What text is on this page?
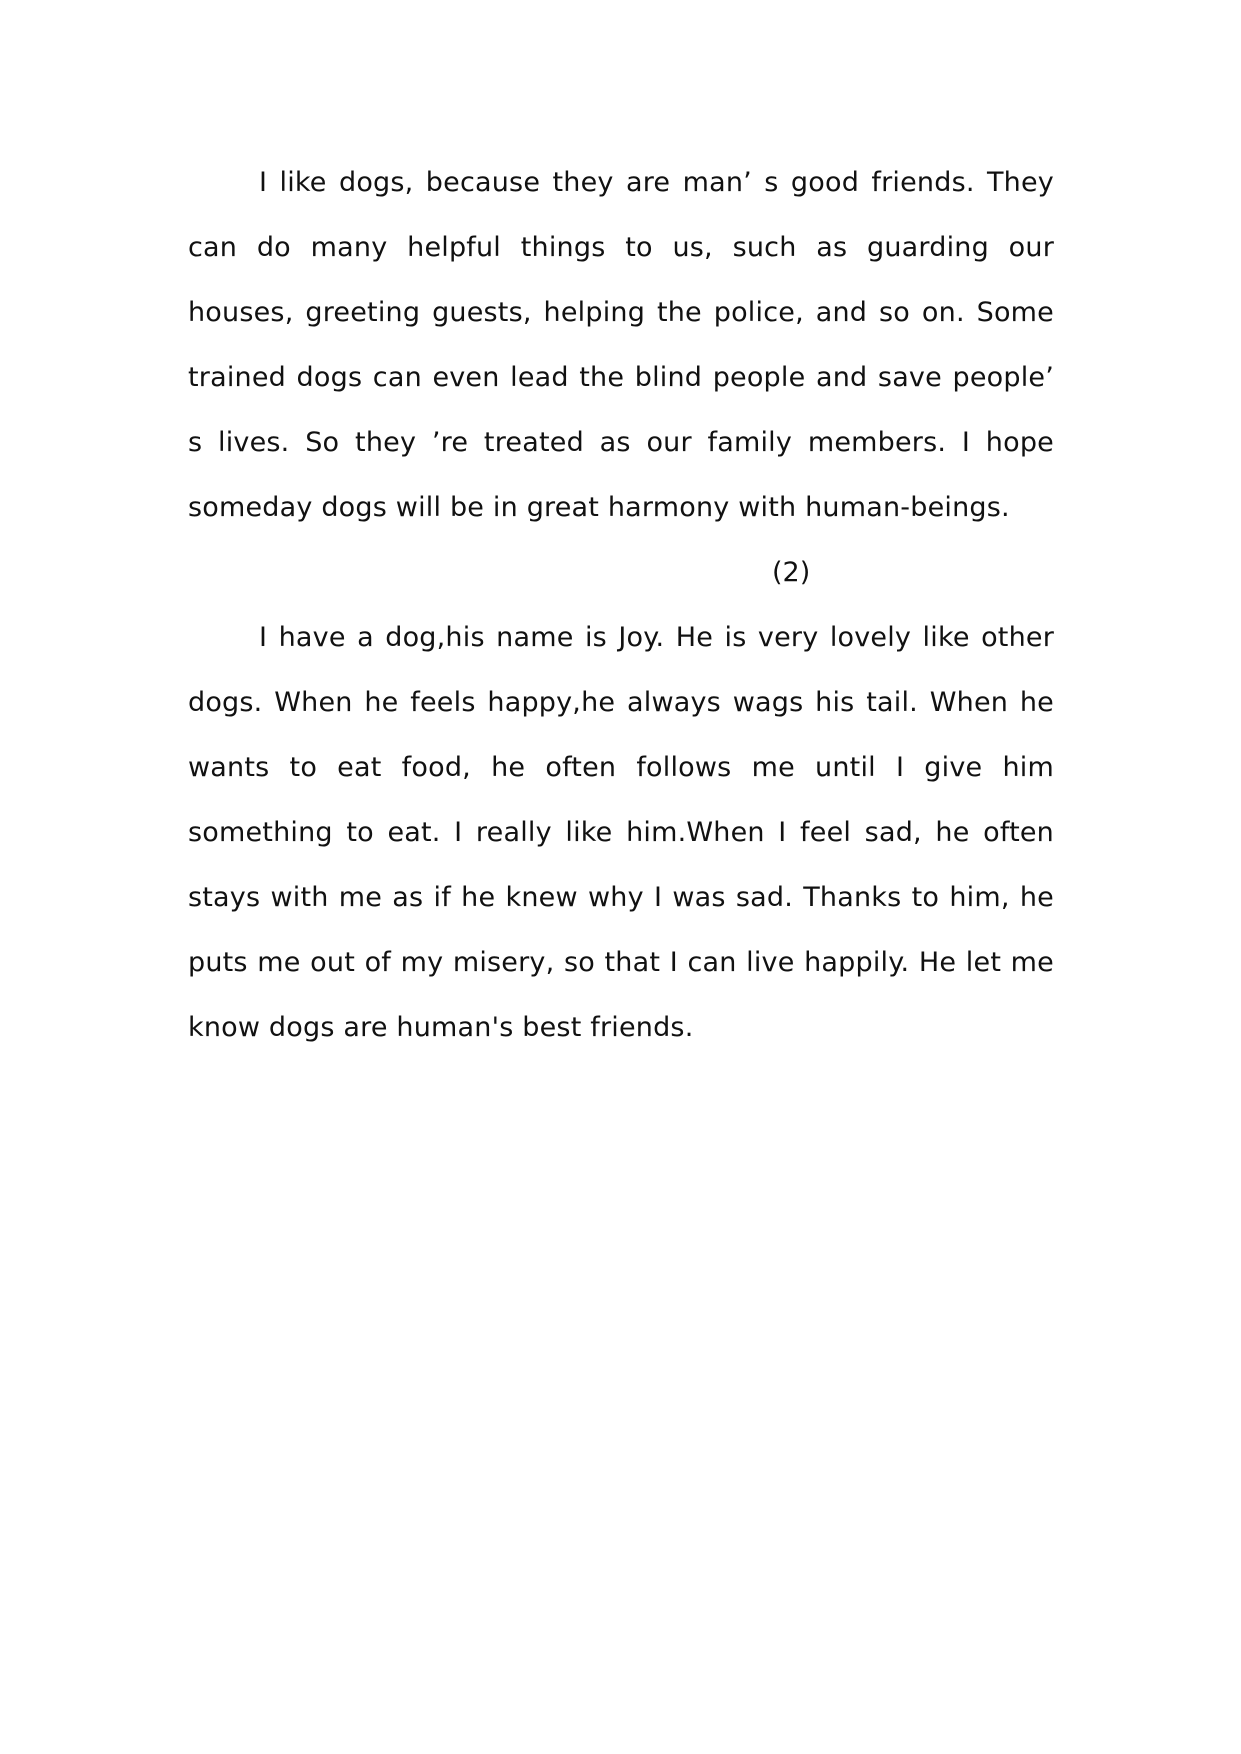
I like dogs, because they are man’ s good friends. They can do many helpful things to us, such as guarding our houses, greeting guests, helping the police, and so on. Some trained dogs can even lead the blind people and save people’ s lives. So they ’re treated as our family members. I hope someday dogs will be in great harmony with human-beings.

(2)

I have a dog,his name is Joy. He is very lovely like other dogs. When he feels happy,he always wags his tail. When he wants to eat food, he often follows me until I give him something to eat. I really like him.When I feel sad, he often stays with me as if he knew why I was sad. Thanks to him, he puts me out of my misery, so that I can live happily. He let me know dogs are human's best friends.
